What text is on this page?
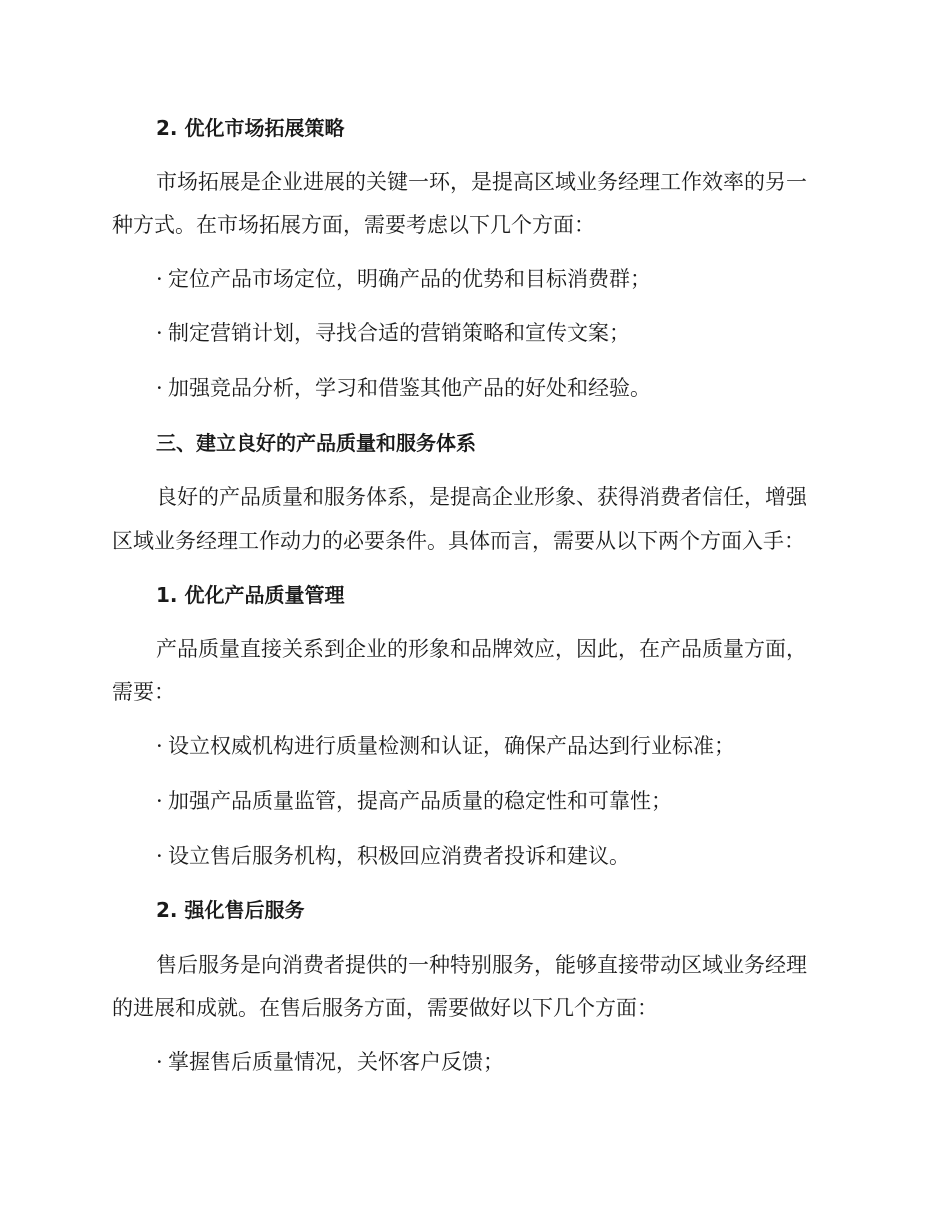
2. 优化市场拓展策略
市场拓展是企业进展的关键一环，是提高区域业务经理工作效率的另一
种方式。在市场拓展方面，需要考虑以下几个方面：
· 定位产品市场定位，明确产品的优势和目标消费群；
· 制定营销计划，寻找合适的营销策略和宣传文案；
· 加强竞品分析，学习和借鉴其他产品的好处和经验。
三、建立良好的产品质量和服务体系
良好的产品质量和服务体系，是提高企业形象、获得消费者信任，增强
区域业务经理工作动力的必要条件。具体而言，需要从以下两个方面入手：
1. 优化产品质量管理
产品质量直接关系到企业的形象和品牌效应，因此，在产品质量方面，
需要：
· 设立权威机构进行质量检测和认证，确保产品达到行业标准；
· 加强产品质量监管，提高产品质量的稳定性和可靠性；
· 设立售后服务机构，积极回应消费者投诉和建议。
2. 强化售后服务
售后服务是向消费者提供的一种特别服务，能够直接带动区域业务经理
的进展和成就。在售后服务方面，需要做好以下几个方面：
· 掌握售后质量情况，关怀客户反馈；
